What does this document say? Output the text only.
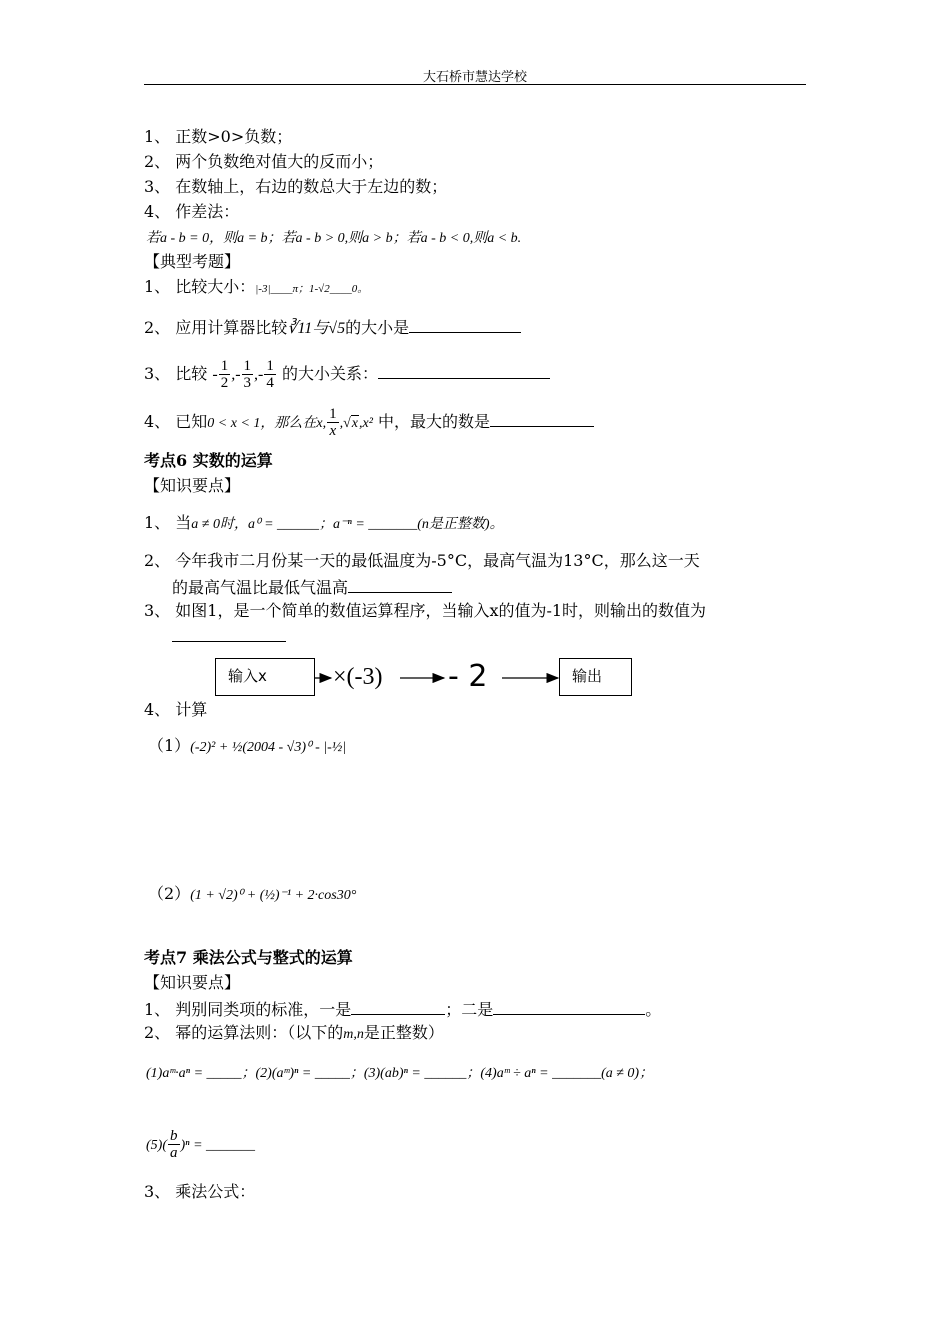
大石桥市慧达学校
1、 正数>0>负数；
2、 两个负数绝对值大的反而小；
3、 在数轴上，右边的数总大于左边的数；
4、 作差法：
若a - b = 0，则a = b；若a - b > 0,则a > b；若a - b < 0,则a < b.
【典型考题】
1、 比较大小：|-3|____π；1-√2____0。
2、 应用计算器比较∛11与√5的大小是
3、 比较 - $\frac{1}{2}$ ,- $\frac{1}{3}$ ,- $\frac{1}{4}$ 的大小关系：
4、 已知0 < x < 1，那么在x, $\frac{1}{x} ,√x,x^2$ 中，最大的数是
考点6 实数的运算
【知识要点】
1、 当a ≠ 0时，a⁰ = ______；a⁻ⁿ = _______(n是正整数)。
2、 今年我市二月份某一天的最低温度为-5°C，最高气温为13°C，那么这一天
的最高气温比最低气温高
3、 如图1，是一个简单的数值运算程序，当输入x的值为-1时，则输出的数值为
输入x	×(-3) - 2	输出
4、 计算
（1）(-2)² + ½(2004 - √3)⁰ - |-½|
（2）(1 + √2)⁰ + (½)⁻¹ + 2·cos30°
考点7 乘法公式与整式的运算
【知识要点】
1、 判别同类项的标准，一是	；二是	。
2、 幂的运算法则：（以下的m,n是正整数）
(1)aᵐ·aⁿ = _____；(2)(aᵐ)ⁿ = _____；(3)(ab)ⁿ = ______；(4)aᵐ ÷ aⁿ = _______(a ≠ 0)；
$(5)( \frac{b}{a} )^n$ = _______
3、 乘法公式：
